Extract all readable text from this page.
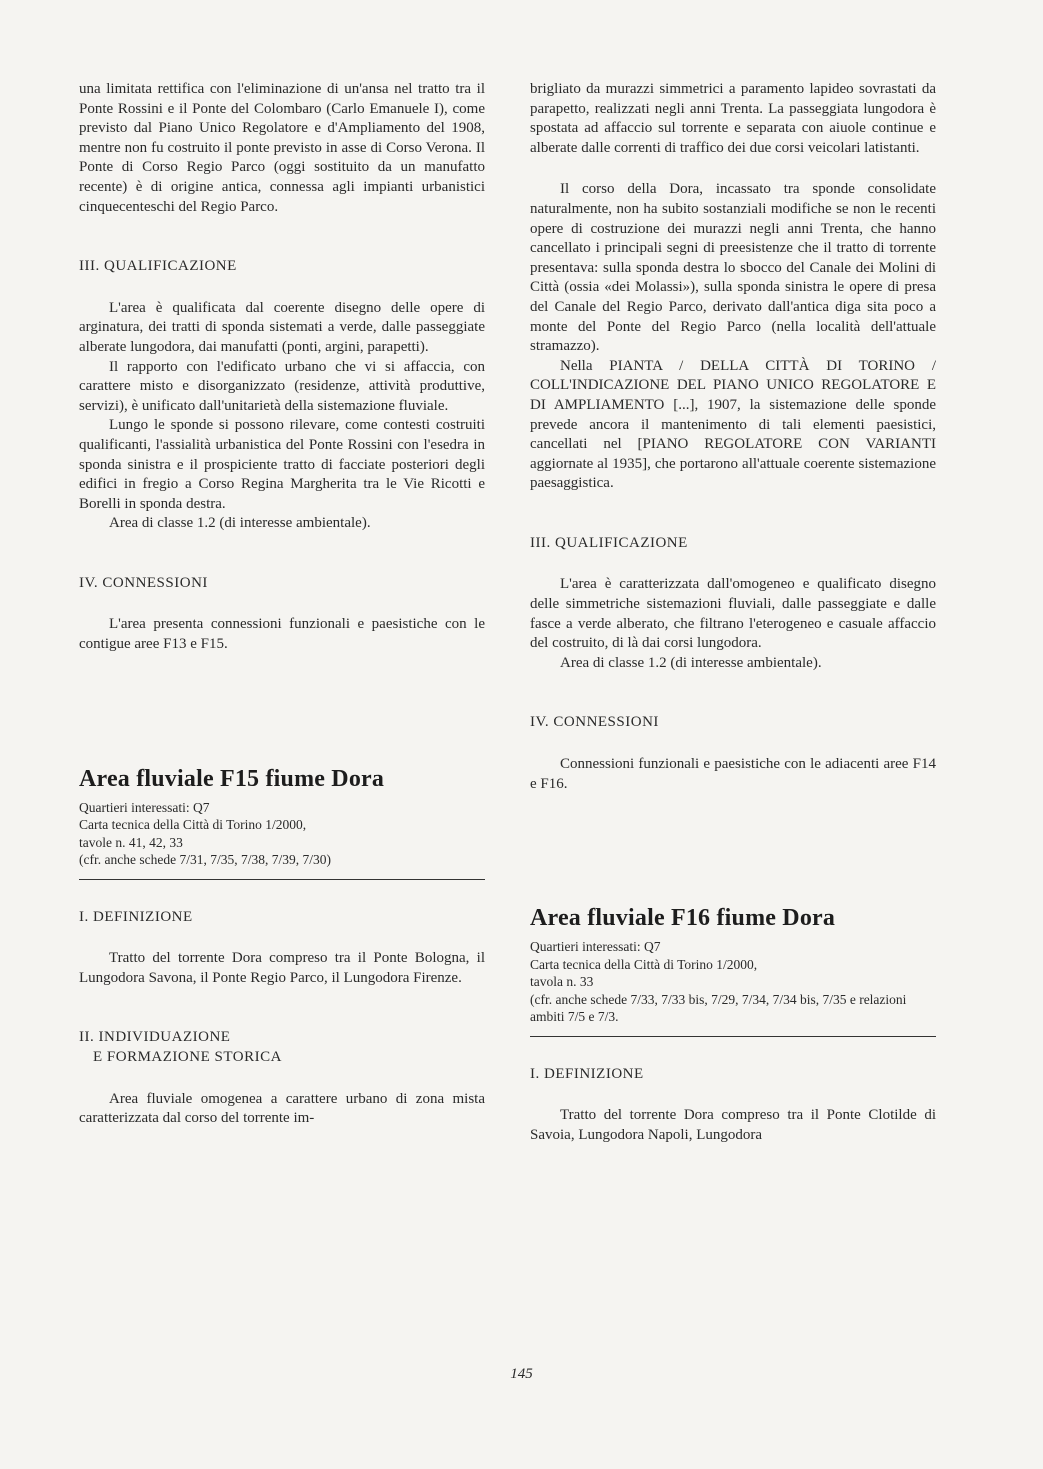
una limitata rettifica con l'eliminazione di un'ansa nel tratto tra il Ponte Rossini e il Ponte del Colombaro (Carlo Emanuele I), come previsto dal Piano Unico Regolatore e d'Ampliamento del 1908, mentre non fu costruito il ponte previsto in asse di Corso Verona. Il Ponte di Corso Regio Parco (oggi sostituito da un manufatto recente) è di origine antica, connessa agli impianti urbanistici cinquecenteschi del Regio Parco.

III. QUALIFICAZIONE

L'area è qualificata dal coerente disegno delle opere di arginatura, dei tratti di sponda sistemati a verde, dalle passeggiate alberate lungodora, dai manufatti (ponti, argini, parapetti).

Il rapporto con l'edificato urbano che vi si affaccia, con carattere misto e disorganizzato (residenze, attività produttive, servizi), è unificato dall'unitarietà della sistemazione fluviale.

Lungo le sponde si possono rilevare, come contesti costruiti qualificanti, l'assialità urbanistica del Ponte Rossini con l'esedra in sponda sinistra e il prospiciente tratto di facciate posteriori degli edifici in fregio a Corso Regina Margherita tra le Vie Ricotti e Borelli in sponda destra.

Area di classe 1.2 (di interesse ambientale).

IV. CONNESSIONI

L'area presenta connessioni funzionali e paesistiche con le contigue aree F13 e F15.

Area fluviale F15 fiume Dora

Quartieri interessati: Q7

Carta tecnica della Città di Torino 1/2000,

tavole n. 41, 42, 33

(cfr. anche schede 7/31, 7/35, 7/38, 7/39, 7/30)

I. DEFINIZIONE

Tratto del torrente Dora compreso tra il Ponte Bologna, il Lungodora Savona, il Ponte Regio Parco, il Lungodora Firenze.

II. INDIVIDUAZIONE

E FORMAZIONE STORICA

Area fluviale omogenea a carattere urbano di zona mista caratterizzata dal corso del torrente im-

brigliato da murazzi simmetrici a paramento lapideo sovrastati da parapetto, realizzati negli anni Trenta. La passeggiata lungodora è spostata ad affaccio sul torrente e separata con aiuole continue e alberate dalle correnti di traffico dei due corsi veicolari latistanti.

Il corso della Dora, incassato tra sponde consolidate naturalmente, non ha subito sostanziali modifiche se non le recenti opere di costruzione dei murazzi negli anni Trenta, che hanno cancellato i principali segni di preesistenze che il tratto di torrente presentava: sulla sponda destra lo sbocco del Canale dei Molini di Città (ossia «dei Molassi»), sulla sponda sinistra le opere di presa del Canale del Regio Parco, derivato dall'antica diga sita poco a monte del Ponte del Regio Parco (nella località dell'attuale stramazzo).

Nella PIANTA / DELLA CITTÀ DI TORINO / COLL'INDICAZIONE DEL PIANO UNICO REGOLATORE E DI AMPLIAMENTO [...], 1907, la sistemazione delle sponde prevede ancora il mantenimento di tali elementi paesistici, cancellati nel [PIANO REGOLATORE CON VARIANTI aggiornate al 1935], che portarono all'attuale coerente sistemazione paesaggistica.

III. QUALIFICAZIONE

L'area è caratterizzata dall'omogeneo e qualificato disegno delle simmetriche sistemazioni fluviali, dalle passeggiate e dalle fasce a verde alberato, che filtrano l'eterogeneo e casuale affaccio del costruito, di là dai corsi lungodora.

Area di classe 1.2 (di interesse ambientale).

IV. CONNESSIONI

Connessioni funzionali e paesistiche con le adiacenti aree F14 e F16.

Area fluviale F16 fiume Dora

Quartieri interessati: Q7

Carta tecnica della Città di Torino 1/2000,

tavola n. 33

(cfr. anche schede 7/33, 7/33 bis, 7/29, 7/34, 7/34 bis, 7/35 e relazioni ambiti 7/5 e 7/3.

I. DEFINIZIONE

Tratto del torrente Dora compreso tra il Ponte Clotilde di Savoia, Lungodora Napoli, Lungodora

145
